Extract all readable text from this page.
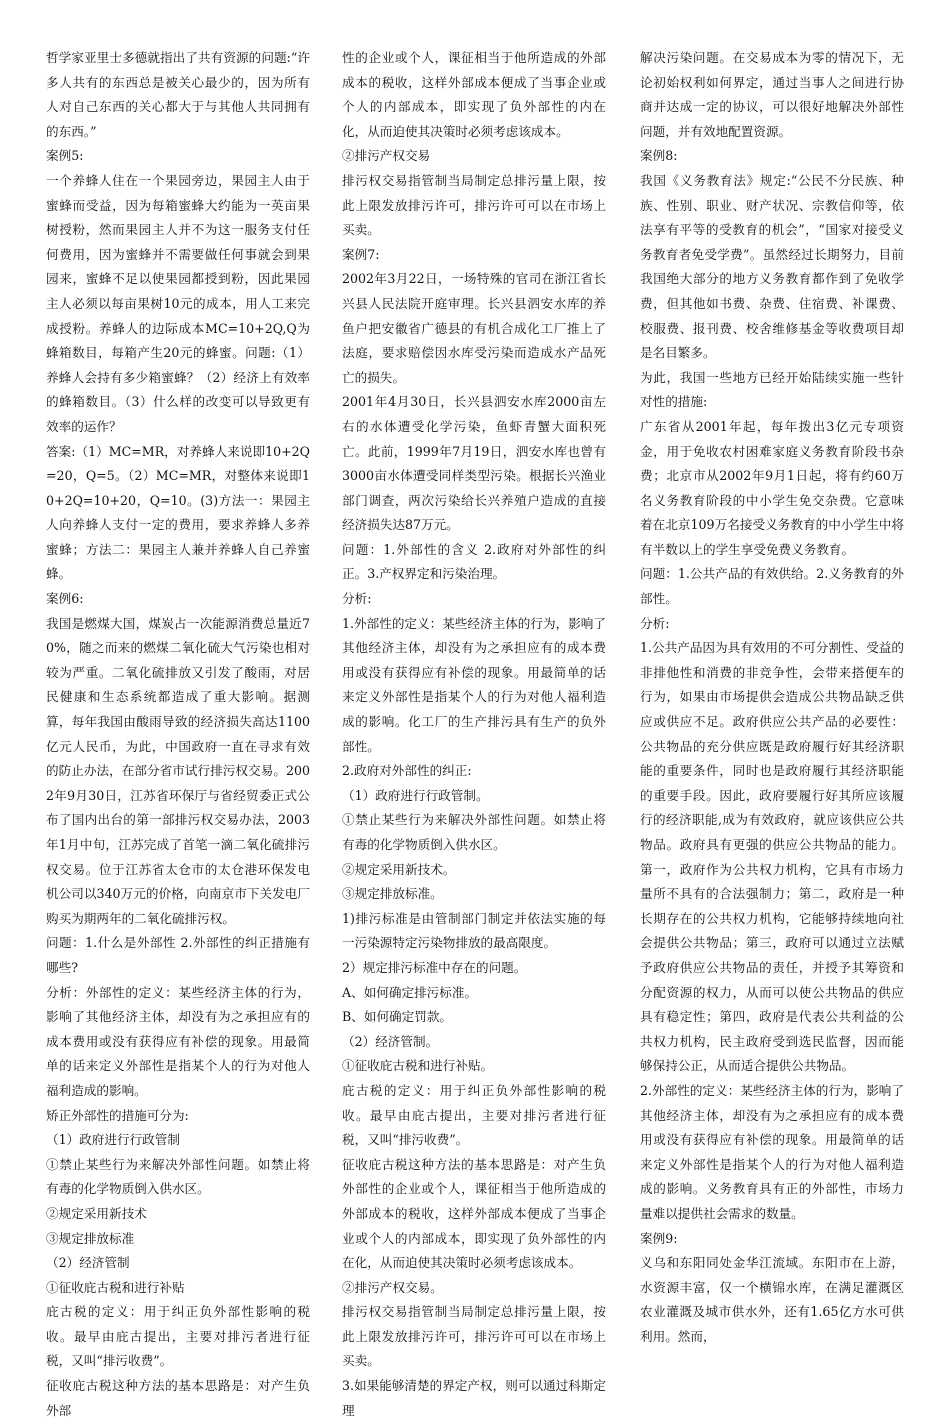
哲学家亚里士多德就指出了共有资源的问题:“许多人共有的东西总是被关心最少的，因为所有人对自己东西的关心都大于与其他人共同拥有的东西。”

案例5:

一个养蜂人住在一个果园旁边，果园主人由于蜜蜂而受益，因为每箱蜜蜂大约能为一英亩果树授粉，然而果园主人并不为这一服务支付任何费用，因为蜜蜂并不需要做任何事就会到果园来，蜜蜂不足以使果园都授到粉，因此果园主人必须以每亩果树10元的成本，用人工来完成授粉。养蜂人的边际成本MC=10+2Q,Q为蜂箱数目，每箱产生20元的蜂蜜。问题:（1）养蜂人会持有多少箱蜜蜂？（2）经济上有效率的蜂箱数目。（3）什么样的改变可以导致更有效率的运作？

答案:（1）MC=MR，对养蜂人来说即10+2Q=20，Q=5。（2）MC=MR，对整体来说即10+2Q=10+20，Q=10。(3)方法一：果园主人向养蜂人支付一定的费用，要求养蜂人多养蜜蜂；方法二：果园主人兼并养蜂人自己养蜜蜂。

案例6:

我国是燃煤大国，煤炭占一次能源消费总量近70%，随之而来的燃煤二氧化硫大气污染也相对较为严重。二氧化硫排放又引发了酸雨，对居民健康和生态系统都造成了重大影响。据测算，每年我国由酸雨导致的经济损失高达1100亿元人民币，为此，中国政府一直在寻求有效的防止办法，在部分省市试行排污权交易。2002年9月30日，江苏省环保厅与省经贸委正式公布了国内出台的第一部排污权交易办法，2003年1月中旬，江苏完成了首笔一滴二氧化硫排污权交易。位于江苏省太仓市的太仓港环保发电机公司以340万元的价格，向南京市下关发电厂购买为期两年的二氧化硫排污权。

问题：1.什么是外部性 2.外部性的纠正措施有哪些?

分析：外部性的定义：某些经济主体的行为，影响了其他经济主体，却没有为之承担应有的成本费用或没有获得应有补偿的现象。用最简单的话来定义外部性是指某个人的行为对他人福利造成的影响。

矫正外部性的措施可分为:

（1）政府进行行政管制

①禁止某些行为来解决外部性问题。如禁止将有毒的化学物质倒入供水区。

②规定采用新技术

③规定排放标准

（2）经济管制

①征收庇古税和进行补贴

庇古税的定义：用于纠正负外部性影响的税收。最早由庇古提出，主要对排污者进行征税，又叫“排污收费”。

征收庇古税这种方法的基本思路是：对产生负外部

性的企业或个人，课征相当于他所造成的外部成本的税收，这样外部成本便成了当事企业或个人的内部成本，即实现了负外部性的内在化，从而迫使其决策时必须考虑该成本。

②排污产权交易

排污权交易指管制当局制定总排污量上限，按此上限发放排污许可，排污许可可以在市场上买卖。

案例7:

2002年3月22日，一场特殊的官司在浙江省长兴县人民法院开庭审理。长兴县泗安水库的养鱼户把安徽省广德县的有机合成化工厂推上了法庭，要求赔偿因水库受污染而造成水产品死亡的损失。

2001年4月30日，长兴县泗安水库2000亩左右的水体遭受化学污染，鱼虾青蟹大面积死亡。此前，1999年7月19日，泗安水库也曾有3000亩水体遭受同样类型污染。根据长兴渔业部门调查，两次污染给长兴养殖户造成的直接经济损失达87万元。

问题：1.外部性的含义 2.政府对外部性的纠正。3.产权界定和污染治理。

分析:

1.外部性的定义：某些经济主体的行为，影响了其他经济主体，却没有为之承担应有的成本费用或没有获得应有补偿的现象。用最简单的话来定义外部性是指某个人的行为对他人福利造成的影响。化工厂的生产排污具有生产的负外部性。

2.政府对外部性的纠正:

（1）政府进行行政管制。

①禁止某些行为来解决外部性问题。如禁止将有毒的化学物质倒入供水区。

②规定采用新技术。

③规定排放标准。

1)排污标准是由管制部门制定并依法实施的每一污染源特定污染物排放的最高限度。

2）规定排污标准中存在的问题。

A、如何确定排污标准。

B、如何确定罚款。

（2）经济管制。

①征收庇古税和进行补贴。

庇古税的定义：用于纠正负外部性影响的税收。最早由庇古提出，主要对排污者进行征税，又叫“排污收费”。

征收庇古税这种方法的基本思路是：对产生负外部性的企业或个人，课征相当于他所造成的外部成本的税收，这样外部成本便成了当事企业或个人的内部成本，即实现了负外部性的内在化，从而迫使其决策时必须考虑该成本。

②排污产权交易。

排污权交易指管制当局制定总排污量上限，按此上限发放排污许可，排污许可可以在市场上买卖。

3.如果能够清楚的界定产权，则可以通过科斯定理

解决污染问题。在交易成本为零的情况下，无论初始权利如何界定，通过当事人之间进行协商并达成一定的协议，可以很好地解决外部性问题，并有效地配置资源。

案例8:

我国《义务教育法》规定:“公民不分民族、种族、性别、职业、财产状况、宗教信仰等，依法享有平等的受教育的机会”，“国家对接受义务教育者免受学费”。虽然经过长期努力，目前我国绝大部分的地方义务教育都作到了免收学费，但其他如书费、杂费、住宿费、补课费、校服费、报刊费、校舍维修基金等收费项目却是名目繁多。

为此，我国一些地方已经开始陆续实施一些针对性的措施:

广东省从2001年起，每年拨出3亿元专项资金，用于免收农村困难家庭义务教育阶段书杂费；北京市从2002年9月1日起，将有约60万名义务教育阶段的中小学生免交杂费。它意味着在北京109万名接受义务教育的中小学生中将有半数以上的学生享受免费义务教育。

问题：1.公共产品的有效供给。2.义务教育的外部性。

分析:

1.公共产品因为具有效用的不可分割性、受益的非排他性和消费的非竞争性，会带来搭便车的行为，如果由市场提供会造成公共物品缺乏供应或供应不足。政府供应公共产品的必要性：公共物品的充分供应既是政府履行好其经济职能的重要条件，同时也是政府履行其经济职能的重要手段。因此，政府要履行好其所应该履行的经济职能,成为有效政府，就应该供应公共物品。政府具有更强的供应公共物品的能力。第一，政府作为公共权力机构，它具有市场力量所不具有的合法强制力；第二，政府是一种长期存在的公共权力机构，它能够持续地向社会提供公共物品；第三，政府可以通过立法赋予政府供应公共物品的责任，并授予其筹资和分配资源的权力，从而可以使公共物品的供应具有稳定性；第四，政府是代表公共利益的公共权力机构，民主政府受到选民监督，因而能够保持公正，从而适合提供公共物品。

2.外部性的定义：某些经济主体的行为，影响了其他经济主体，却没有为之承担应有的成本费用或没有获得应有补偿的现象。用最简单的话来定义外部性是指某个人的行为对他人福利造成的影响。义务教育具有正的外部性，市场力量难以提供社会需求的数量。

案例9:

义乌和东阳同处金华江流域。东阳市在上游，水资源丰富，仅一个横锦水库，在满足灌溉区农业灌溉及城市供水外，还有1.65亿方水可供利用。然而，
